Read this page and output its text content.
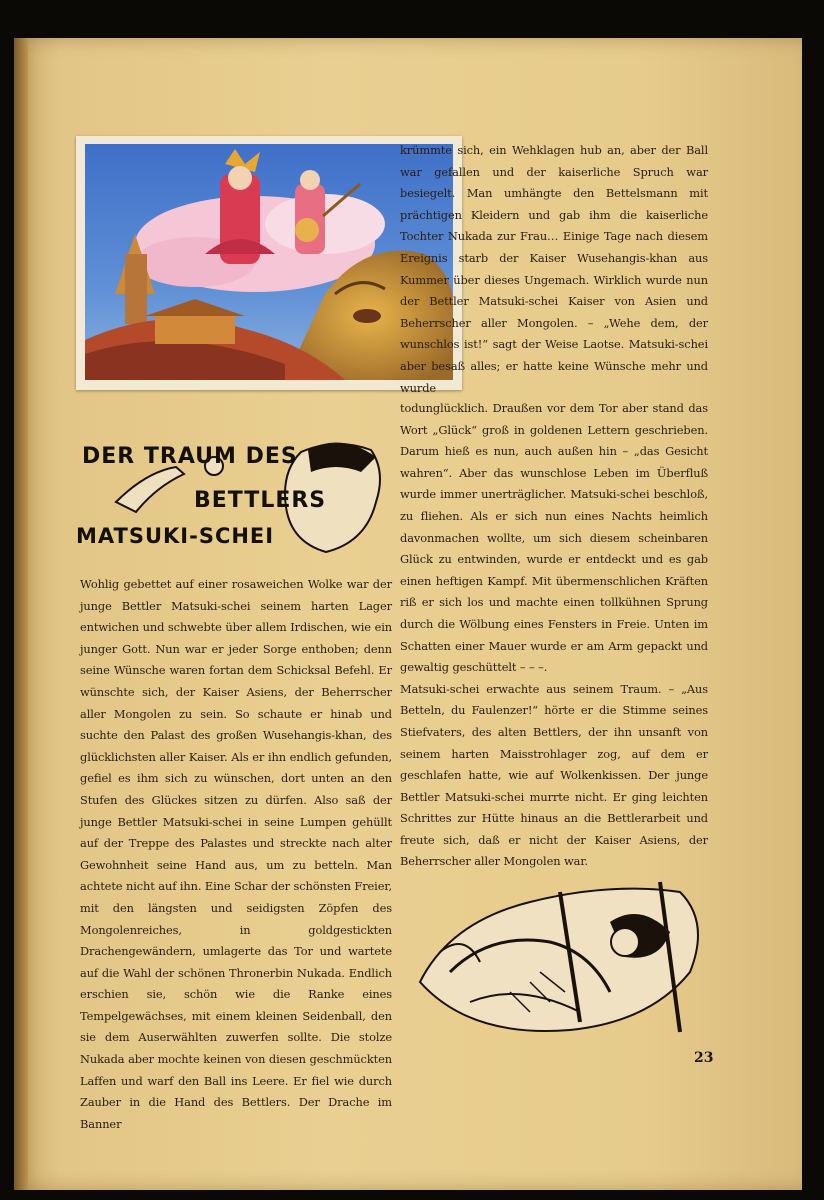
DER TRAUM DES
BETTLERS
MATSUKI-SCHEI

krümmte sich, ein Wehklagen hub an, aber der Ball war gefallen und der kaiserliche Spruch war besiegelt. Man umhängte den Bettelsmann mit prächtigen Kleidern und gab ihm die kaiserliche Tochter Nukada zur Frau… Einige Tage nach diesem Ereignis starb der Kaiser Wusehangis-khan aus Kummer über dieses Ungemach. Wirklich wurde nun der Bettler Matsuki-schei Kaiser von Asien und Beherrscher aller Mongolen. – „Wehe dem, der wunschlos ist!“ sagt der Weise Laotse. Matsuki-schei aber besaß alles; er hatte keine Wünsche mehr und wurde

todunglücklich. Draußen vor dem Tor aber stand das Wort „Glück“ groß in goldenen Lettern geschrieben. Darum hieß es nun, auch außen hin – „das Gesicht wahren“. Aber das wunschlose Leben im Überfluß wurde immer unerträglicher. Matsuki-schei beschloß, zu fliehen. Als er sich nun eines Nachts heimlich davonmachen wollte, um sich diesem scheinbaren Glück zu entwinden, wurde er entdeckt und es gab einen heftigen Kampf. Mit übermenschlichen Kräften riß er sich los und machte einen tollkühnen Sprung durch die Wölbung eines Fensters in Freie. Unten im Schatten einer Mauer wurde er am Arm gepackt und gewaltig geschüttelt – – –.

Matsuki-schei erwachte aus seinem Traum. – „Aus Betteln, du Faulenzer!“ hörte er die Stimme seines Stiefvaters, des alten Bettlers, der ihn unsanft von seinem harten Maisstrohlager zog, auf dem er geschlafen hatte, wie auf Wolkenkissen. Der junge Bettler Matsuki-schei murrte nicht. Er ging leichten Schrittes zur Hütte hinaus an die Bettlerarbeit und freute sich, daß er nicht der Kaiser Asiens, der Beherrscher aller Mongolen war.

Wohlig gebettet auf einer rosaweichen Wolke war der junge Bettler Matsuki-schei seinem harten Lager entwichen und schwebte über allem Irdischen, wie ein junger Gott. Nun war er jeder Sorge enthoben; denn seine Wünsche waren fortan dem Schicksal Befehl. Er wünschte sich, der Kaiser Asiens, der Beherrscher aller Mongolen zu sein. So schaute er hinab und suchte den Palast des großen Wusehangis-khan, des glücklichsten aller Kaiser. Als er ihn endlich gefunden, gefiel es ihm sich zu wünschen, dort unten an den Stufen des Glückes sitzen zu dürfen. Also saß der junge Bettler Matsuki-schei in seine Lumpen gehüllt auf der Treppe des Palastes und streckte nach alter Gewohnheit seine Hand aus, um zu betteln. Man achtete nicht auf ihn. Eine Schar der schönsten Freier, mit den längsten und seidigsten Zöpfen des Mongolenreiches, in goldgestickten Drachengewändern, umlagerte das Tor und wartete auf die Wahl der schönen Thronerbin Nukada. Endlich erschien sie, schön wie die Ranke eines Tempelgewächses, mit einem kleinen Seidenball, den sie dem Auserwählten zuwerfen sollte. Die stolze Nukada aber mochte keinen von diesen geschmückten Laffen und warf den Ball ins Leere. Er fiel wie durch Zauber in die Hand des Bettlers. Der Drache im Banner

23
